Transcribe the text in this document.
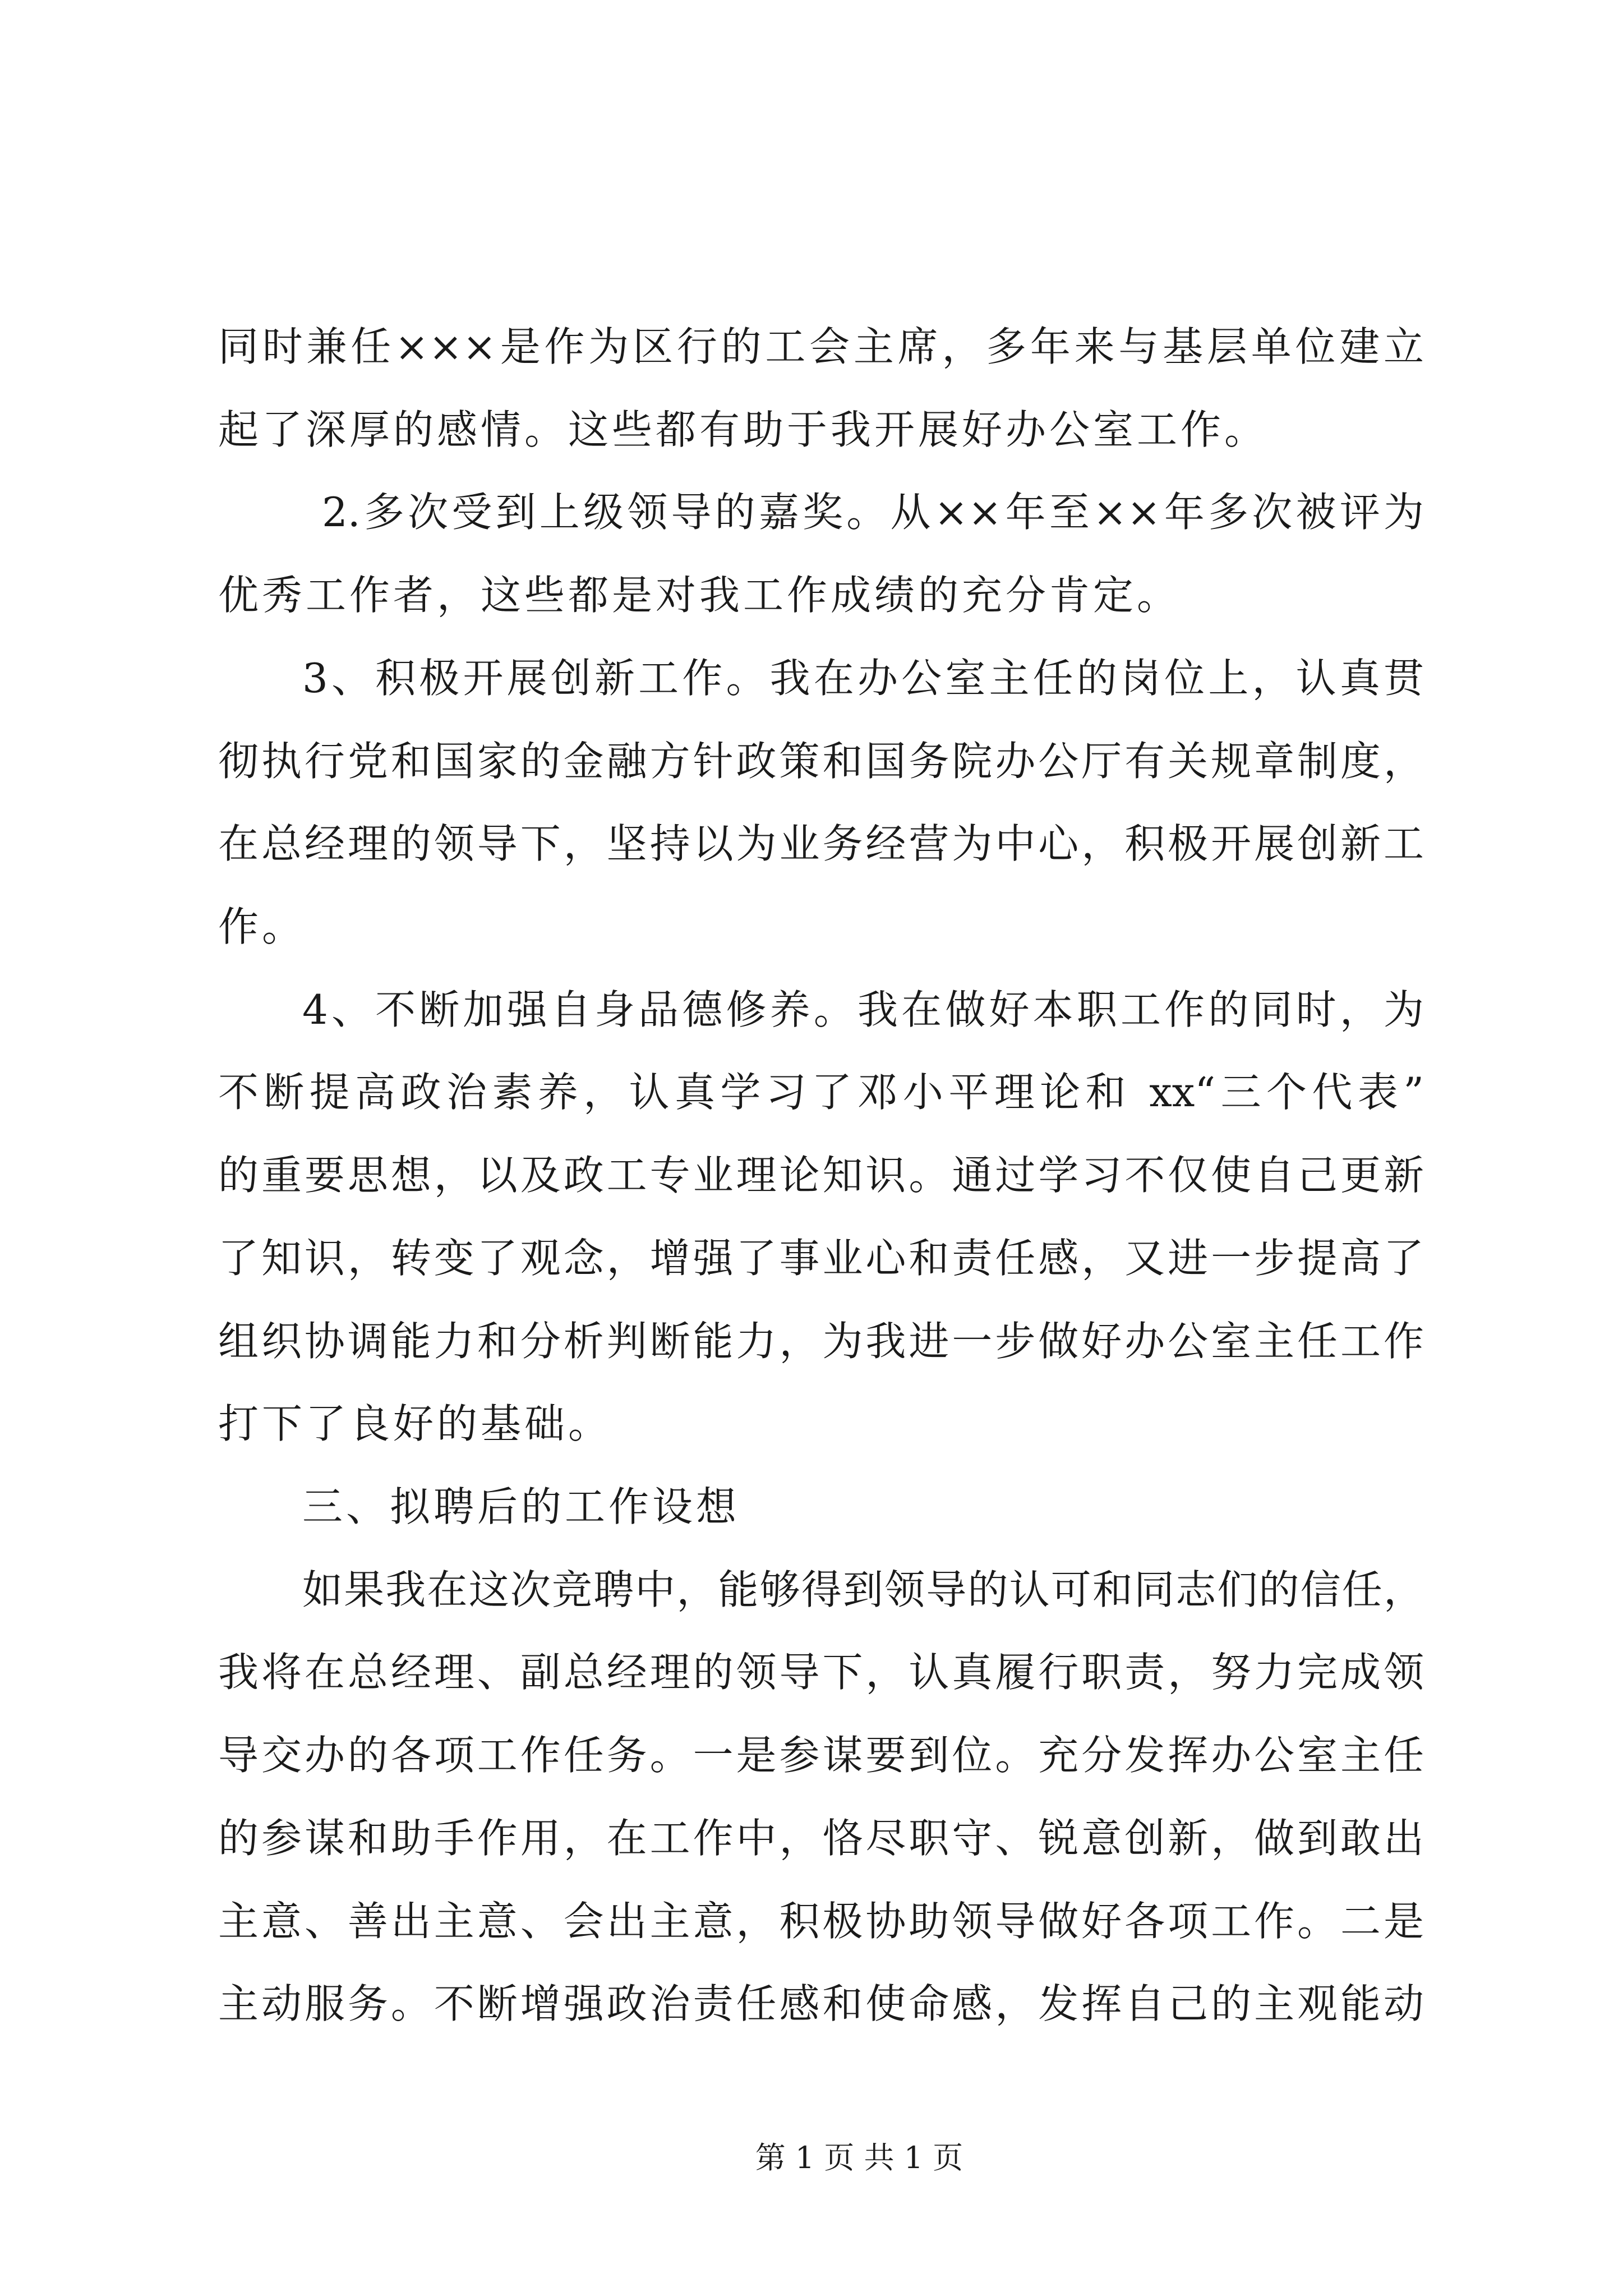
同时兼任×××是作为区行的工会主席，多年来与基层单位建立
起了深厚的感情。这些都有助于我开展好办公室工作。
2.多次受到上级领导的嘉奖。从××年至××年多次被评为
优秀工作者，这些都是对我工作成绩的充分肯定。
3、积极开展创新工作。我在办公室主任的岗位上，认真贯
彻执行党和国家的金融方针政策和国务院办公厅有关规章制度，
在总经理的领导下，坚持以为业务经营为中心，积极开展创新工
作。
4、不断加强自身品德修养。我在做好本职工作的同时，为
不断提高政治素养，认真学习了邓小平理论和 xx“三个代表”
的重要思想，以及政工专业理论知识。通过学习不仅使自己更新
了知识，转变了观念，增强了事业心和责任感，又进一步提高了
组织协调能力和分析判断能力，为我进一步做好办公室主任工作
打下了良好的基础。
三、拟聘后的工作设想
如果我在这次竞聘中，能够得到领导的认可和同志们的信任，
我将在总经理、副总经理的领导下，认真履行职责，努力完成领
导交办的各项工作任务。一是参谋要到位。充分发挥办公室主任
的参谋和助手作用，在工作中，恪尽职守、锐意创新，做到敢出
主意、善出主意、会出主意，积极协助领导做好各项工作。二是
主动服务。不断增强政治责任感和使命感，发挥自己的主观能动
第 1 页 共 1 页
